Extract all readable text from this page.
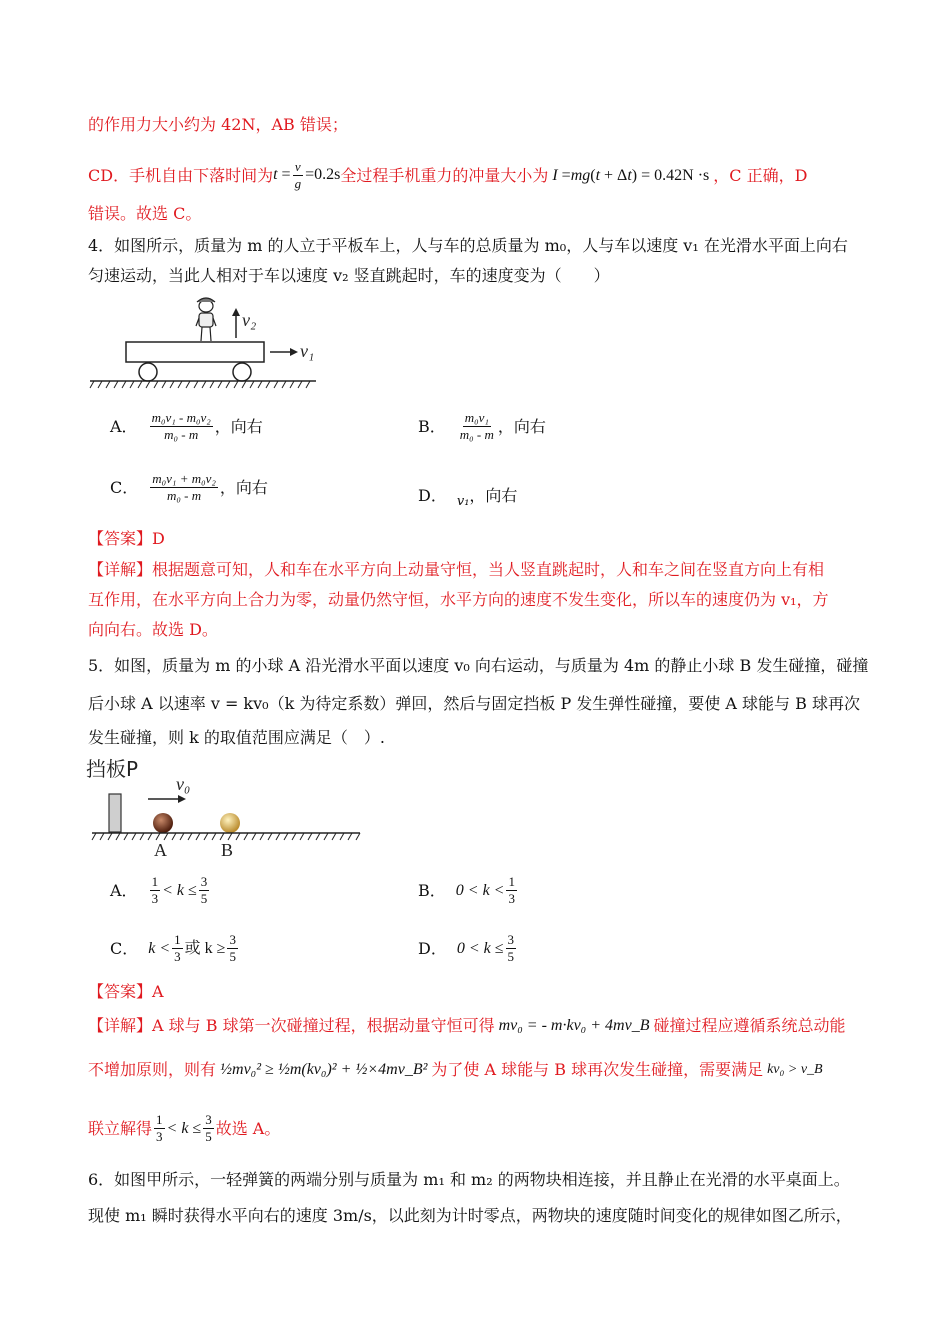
的作用力大小约为 42N，AB 错误；
CD．手机自由下落时间为 $t = \frac{v}{g} =0.2s$ 全过程手机重力的冲量大小为 I =mg(t + Δt) = 0.42N ·s ，C 正确，D
错误。故选 C。
4．如图所示，质量为 m 的人立于平板车上，人与车的总质量为 m₀，人与车以速度 v₁ 在光滑水平面上向右
匀速运动，当此人相对于车以速度 v₂ 竖直跳起时，车的速度变为（　　）
v₂
v₁
A． $\frac{\text{m₀v₁ - m₀v₂}}{\text{m₀ - m}}$ ，向右	B． $\frac{\text{m₀v₁}}{\text{m₀ - m}}$ ，向右
C． $\frac{\text{m₀v₁ + m₀v₂}}{\text{m₀ - m}}$ ，向右	D． v₁ ，向右
【答案】D
【详解】根据题意可知，人和车在水平方向上动量守恒，当人竖直跳起时，人和车之间在竖直方向上有相
互作用，在水平方向上合力为零，动量仍然守恒，水平方向的速度不发生变化，所以车的速度仍为 v₁，方
向向右。故选 D。
5．如图，质量为 m 的小球 A 沿光滑水平面以速度 v₀ 向右运动，与质量为 4m 的静止小球 B 发生碰撞，碰撞
后小球 A 以速率 v = kv₀（k 为待定系数）弹回，然后与固定挡板 P 发生弹性碰撞，要使 A 球能与 B 球再次
发生碰撞，则 k 的取值范围应满足（　）.
挡板P
v₀
A	B
A． $\frac{1}{3} < k \le \frac{3}{5}$	B． $0 < k < \frac{1}{3}$
C． $k < \frac{1}{3}$ 或 $k \ge \frac{3}{5}$	D． $0 < k \le \frac{3}{5}$
【答案】A
【详解】A 球与 B 球第一次碰撞过程，根据动量守恒可得 mv₀ = - m·kv₀ + 4mv_B 碰撞过程应遵循系统总动能
不增加原则，则有 ½mv₀² ≥ ½m(kv₀)² + ½×4mv_B² 为了使 A 球能与 B 球再次发生碰撞，需要满足 kv₀ > v_B
联立解得 $\frac{1}{3} < k \le \frac{3}{5}$ 故选 A。
6．如图甲所示，一轻弹簧的两端分别与质量为 m₁ 和 m₂ 的两物块相连接，并且静止在光滑的水平桌面上。
现使 m₁ 瞬时获得水平向右的速度 3m/s，以此刻为计时零点，两物块的速度随时间变化的规律如图乙所示，
